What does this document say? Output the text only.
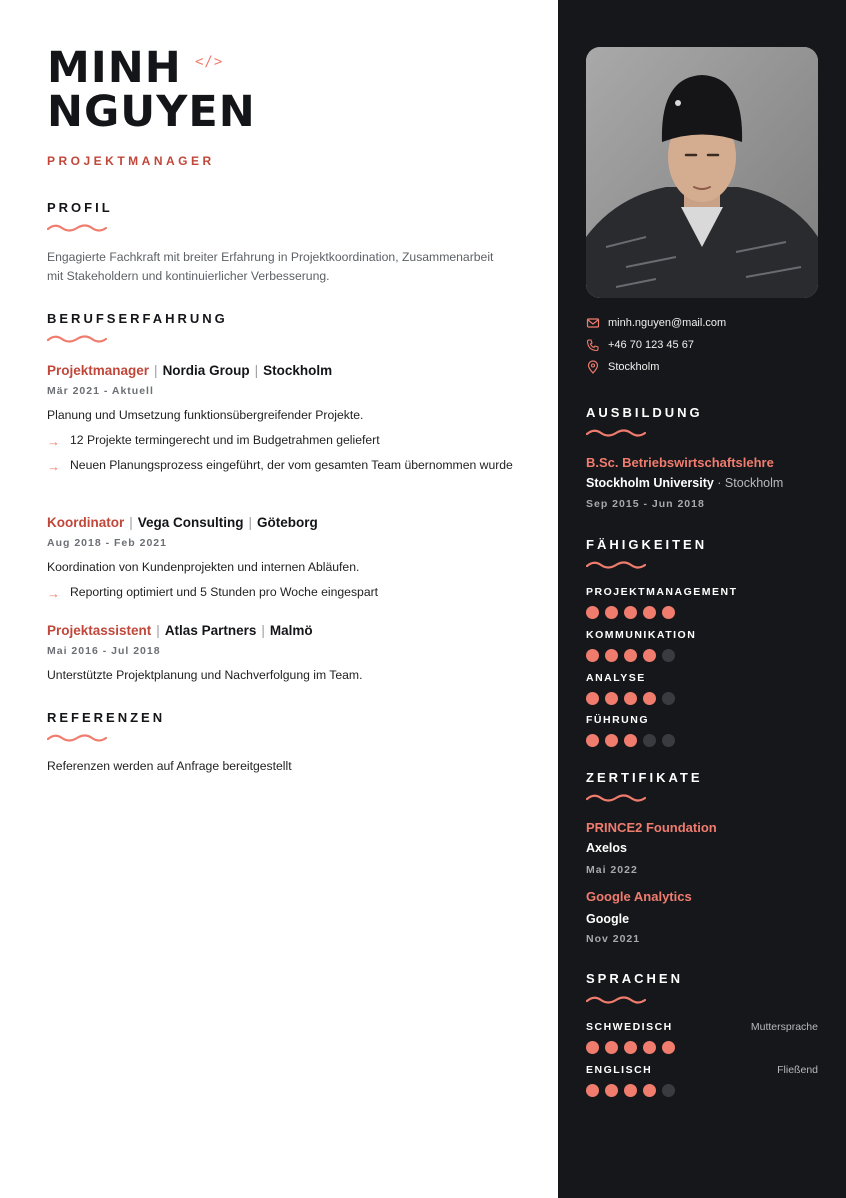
MINH
NGUYEN
</>
PROJEKTMANAGER
PROFIL
Engagierte Fachkraft mit breiter Erfahrung in Projektkoordination, Zusammenarbeit
mit Stakeholdern und kontinuierlicher Verbesserung.
BERUFSERFAHRUNG
Projektmanager | Nordia Group | Stockholm
Mär 2021 - Aktuell
Planung und Umsetzung funktionsübergreifender Projekte.
→ 12 Projekte termingerecht und im Budgetrahmen geliefert
→ Neuen Planungsprozess eingeführt, der vom gesamten Team übernommen wurde
Koordinator | Vega Consulting | Göteborg
Aug 2018 - Feb 2021
Koordination von Kundenprojekten und internen Abläufen.
→ Reporting optimiert und 5 Stunden pro Woche eingespart
Projektassistent | Atlas Partners | Malmö
Mai 2016 - Jul 2018
Unterstützte Projektplanung und Nachverfolgung im Team.
REFERENZEN
Referenzen werden auf Anfrage bereitgestellt
minh.nguyen@mail.com
+46 70 123 45 67
Stockholm
AUSBILDUNG
B.Sc. Betriebswirtschaftslehre
Stockholm University · Stockholm
Sep 2015 - Jun 2018
FÄHIGKEITEN
PROJEKTMANAGEMENT
KOMMUNIKATION
ANALYSE
FÜHRUNG
ZERTIFIKATE
PRINCE2 Foundation
Axelos
Mai 2022
Google Analytics
Google
Nov 2021
SPRACHEN
SCHWEDISCH	Muttersprache
ENGLISCH	Fließend
